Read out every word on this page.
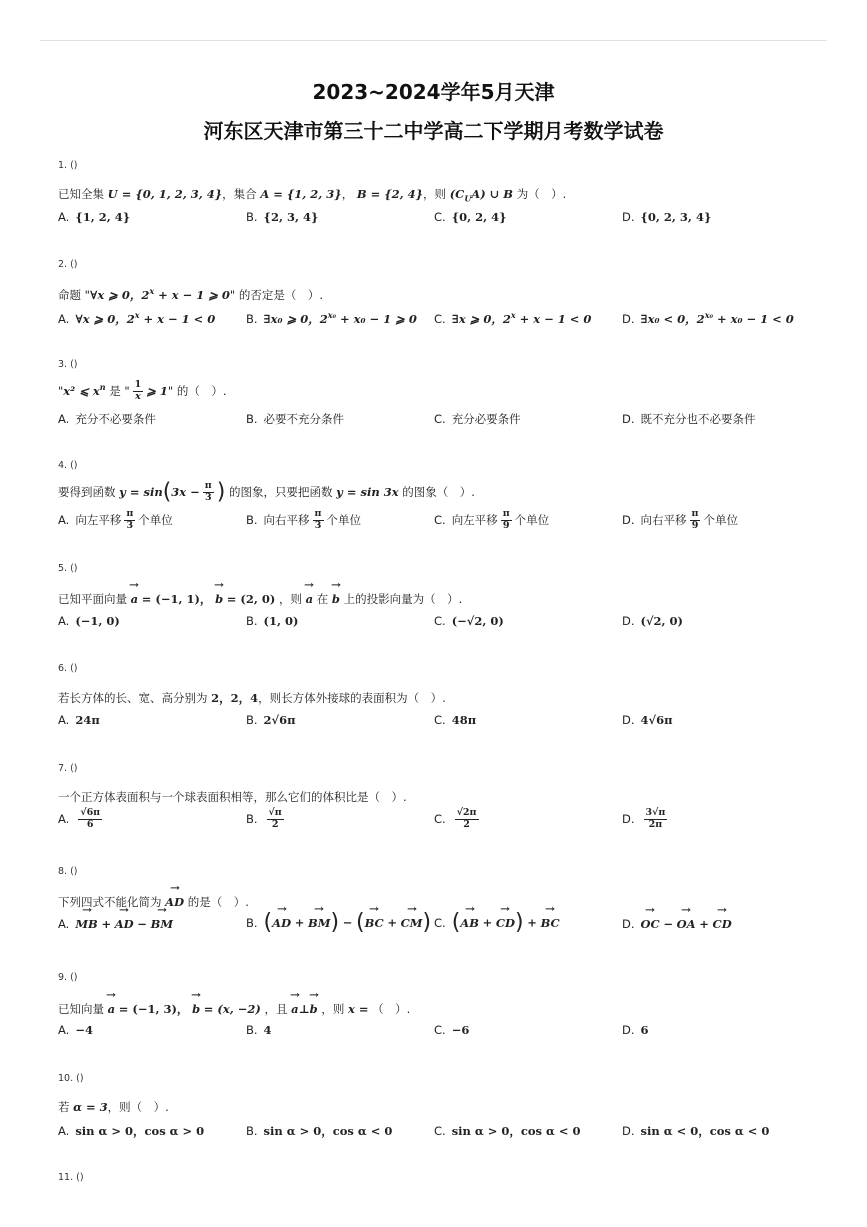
2023~2024学年5月天津
河东区天津市第三十二中学高二下学期月考数学试卷
1. ()
已知全集 U = {0, 1, 2, 3, 4}，集合 A = {1, 2, 3}， B = {2, 4}，则 $(C_UA)$ ∪ B 为（　）.
A. {1, 2, 4}	B. {2, 3, 4}	C. {0, 2, 4}	D. {0, 2, 3, 4}
2. ()
命题 "∀x ⩾ 0，$2^x + x - 1$ ⩾ 0" 的否定是（　）.
A. ∀x ⩾ 0，$2^x + x - 1 < 0$	B. ∃x₀ ⩾ 0，$2^{x_0} + x_0 - 1$ ⩾ 0 C. ∃x ⩾ 0，$2^x + x - 1 < 0$	D. ∃x₀ < 0，$2^{x_0} + x_0 - 1 < 0$
3. ()
"x² ⩽ $x^n$ 是 " $\frac{1}{x}$ ⩾ 1" 的（　）.
A. 充分不必要条件	B. 必要不充分条件	C. 充分必要条件	D. 既不充分也不必要条件
4. ()
要得到函数 $y = \sin(3x - \frac{\pi}{3}$ ) 的图象，只要把函数 y = sin 3x 的图象（　）.
A. 向左平移 $\frac{\pi}{3}$ 个单位	B. 向右平移 $\frac{\pi}{3}$ 个单位	C. 向左平移 $\frac{\pi}{9}$ 个单位	D. 向右平移 $\frac{\pi}{9}$ 个单位
5. ()
已知平面向量 → a = (−1, 1)， → b = (2, 0) ，则 → a 在 → b 上的投影向量为（　）.
A. (−1, 0)	B. (1, 0)	C. (−√2, 0)	D. (√2, 0)
6. ()
若长方体的长、宽、高分别为 2，2，4，则长方体外接球的表面积为（　）.
A. 24π	B. 2√6π	C. 48π	D. 4√6π
7. ()
一个正方体表面积与一个球表面积相等，那么它们的体积比是（　）.
A. $\frac{√6\pi}{6}$	B. $\frac{√\pi}{2}$	C. $\frac{√2\pi}{2}$	D. $\frac{3√\pi}{2\pi}$
8. ()
下列四式不能化简为 → AD 的是（　）.
A. → MB + → AD − → BM	B. (→ AD + → BM) − (→ BC + → CM) C. (→ AB + → CD) + → BC	D. → OC − → OA + → CD
9. ()
已知向量 → a = (−1, 3)， → b = (x, −2) ，且 → a⊥→ b ，则 x = （　）.
A. −4	B. 4	C. −6	D. 6
10. ()
若 α = 3，则（　）.
A. sin α > 0，cos α > 0	B. sin α > 0，cos α < 0	C. sin α > 0，cos α < 0	D. sin α < 0，cos α < 0
11. ()
